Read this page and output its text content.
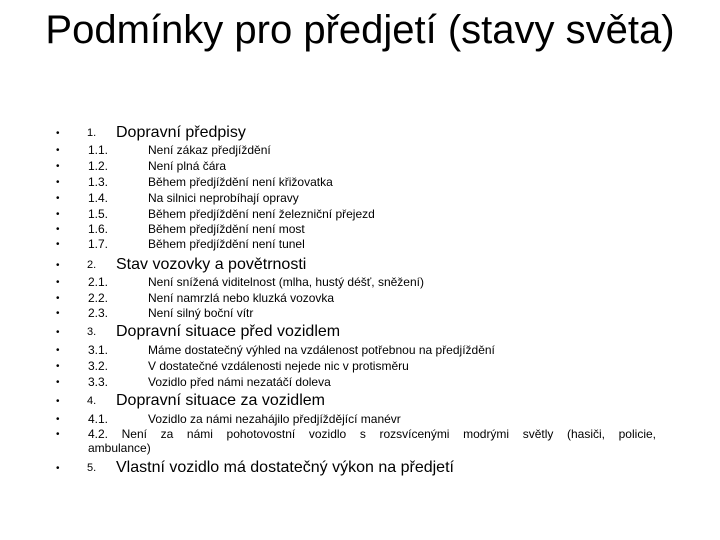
Podmínky pro předjetí (stavy světa)
• 1. Dopravní předpisy
• 1.1.	Není zákaz předjíždění
• 1.2.	Není plná čára
• 1.3.	Během předjíždění není křižovatka
• 1.4.	Na silnici neprobíhají opravy
• 1.5.	Během předjíždění není železniční přejezd
• 1.6.	Během předjíždění není most
• 1.7.	Během předjíždění není tunel
• 2. Stav vozovky a povětrnosti
• 2.1.	Není snížená viditelnost (mlha, hustý déšť, sněžení)
• 2.2.	Není namrzlá nebo kluzká vozovka
• 2.3.	Není silný boční vítr
• 3. Dopravní situace před vozidlem
• 3.1.	Máme dostatečný výhled na vzdálenost potřebnou na předjíždění
• 3.2.	V dostatečné vzdálenosti nejede nic v protisměru
• 3.3.	Vozidlo před námi nezatáčí doleva
• 4. Dopravní situace za vozidlem
• 4.1.	Vozidlo za námi nezahájilo předjíždějící manévr
• 4.2. Není za námi pohotovostní vozidlo s rozsvícenými modrými světly (hasiči, policie,
ambulance)
• 5. Vlastní vozidlo má dostatečný výkon na předjetí
